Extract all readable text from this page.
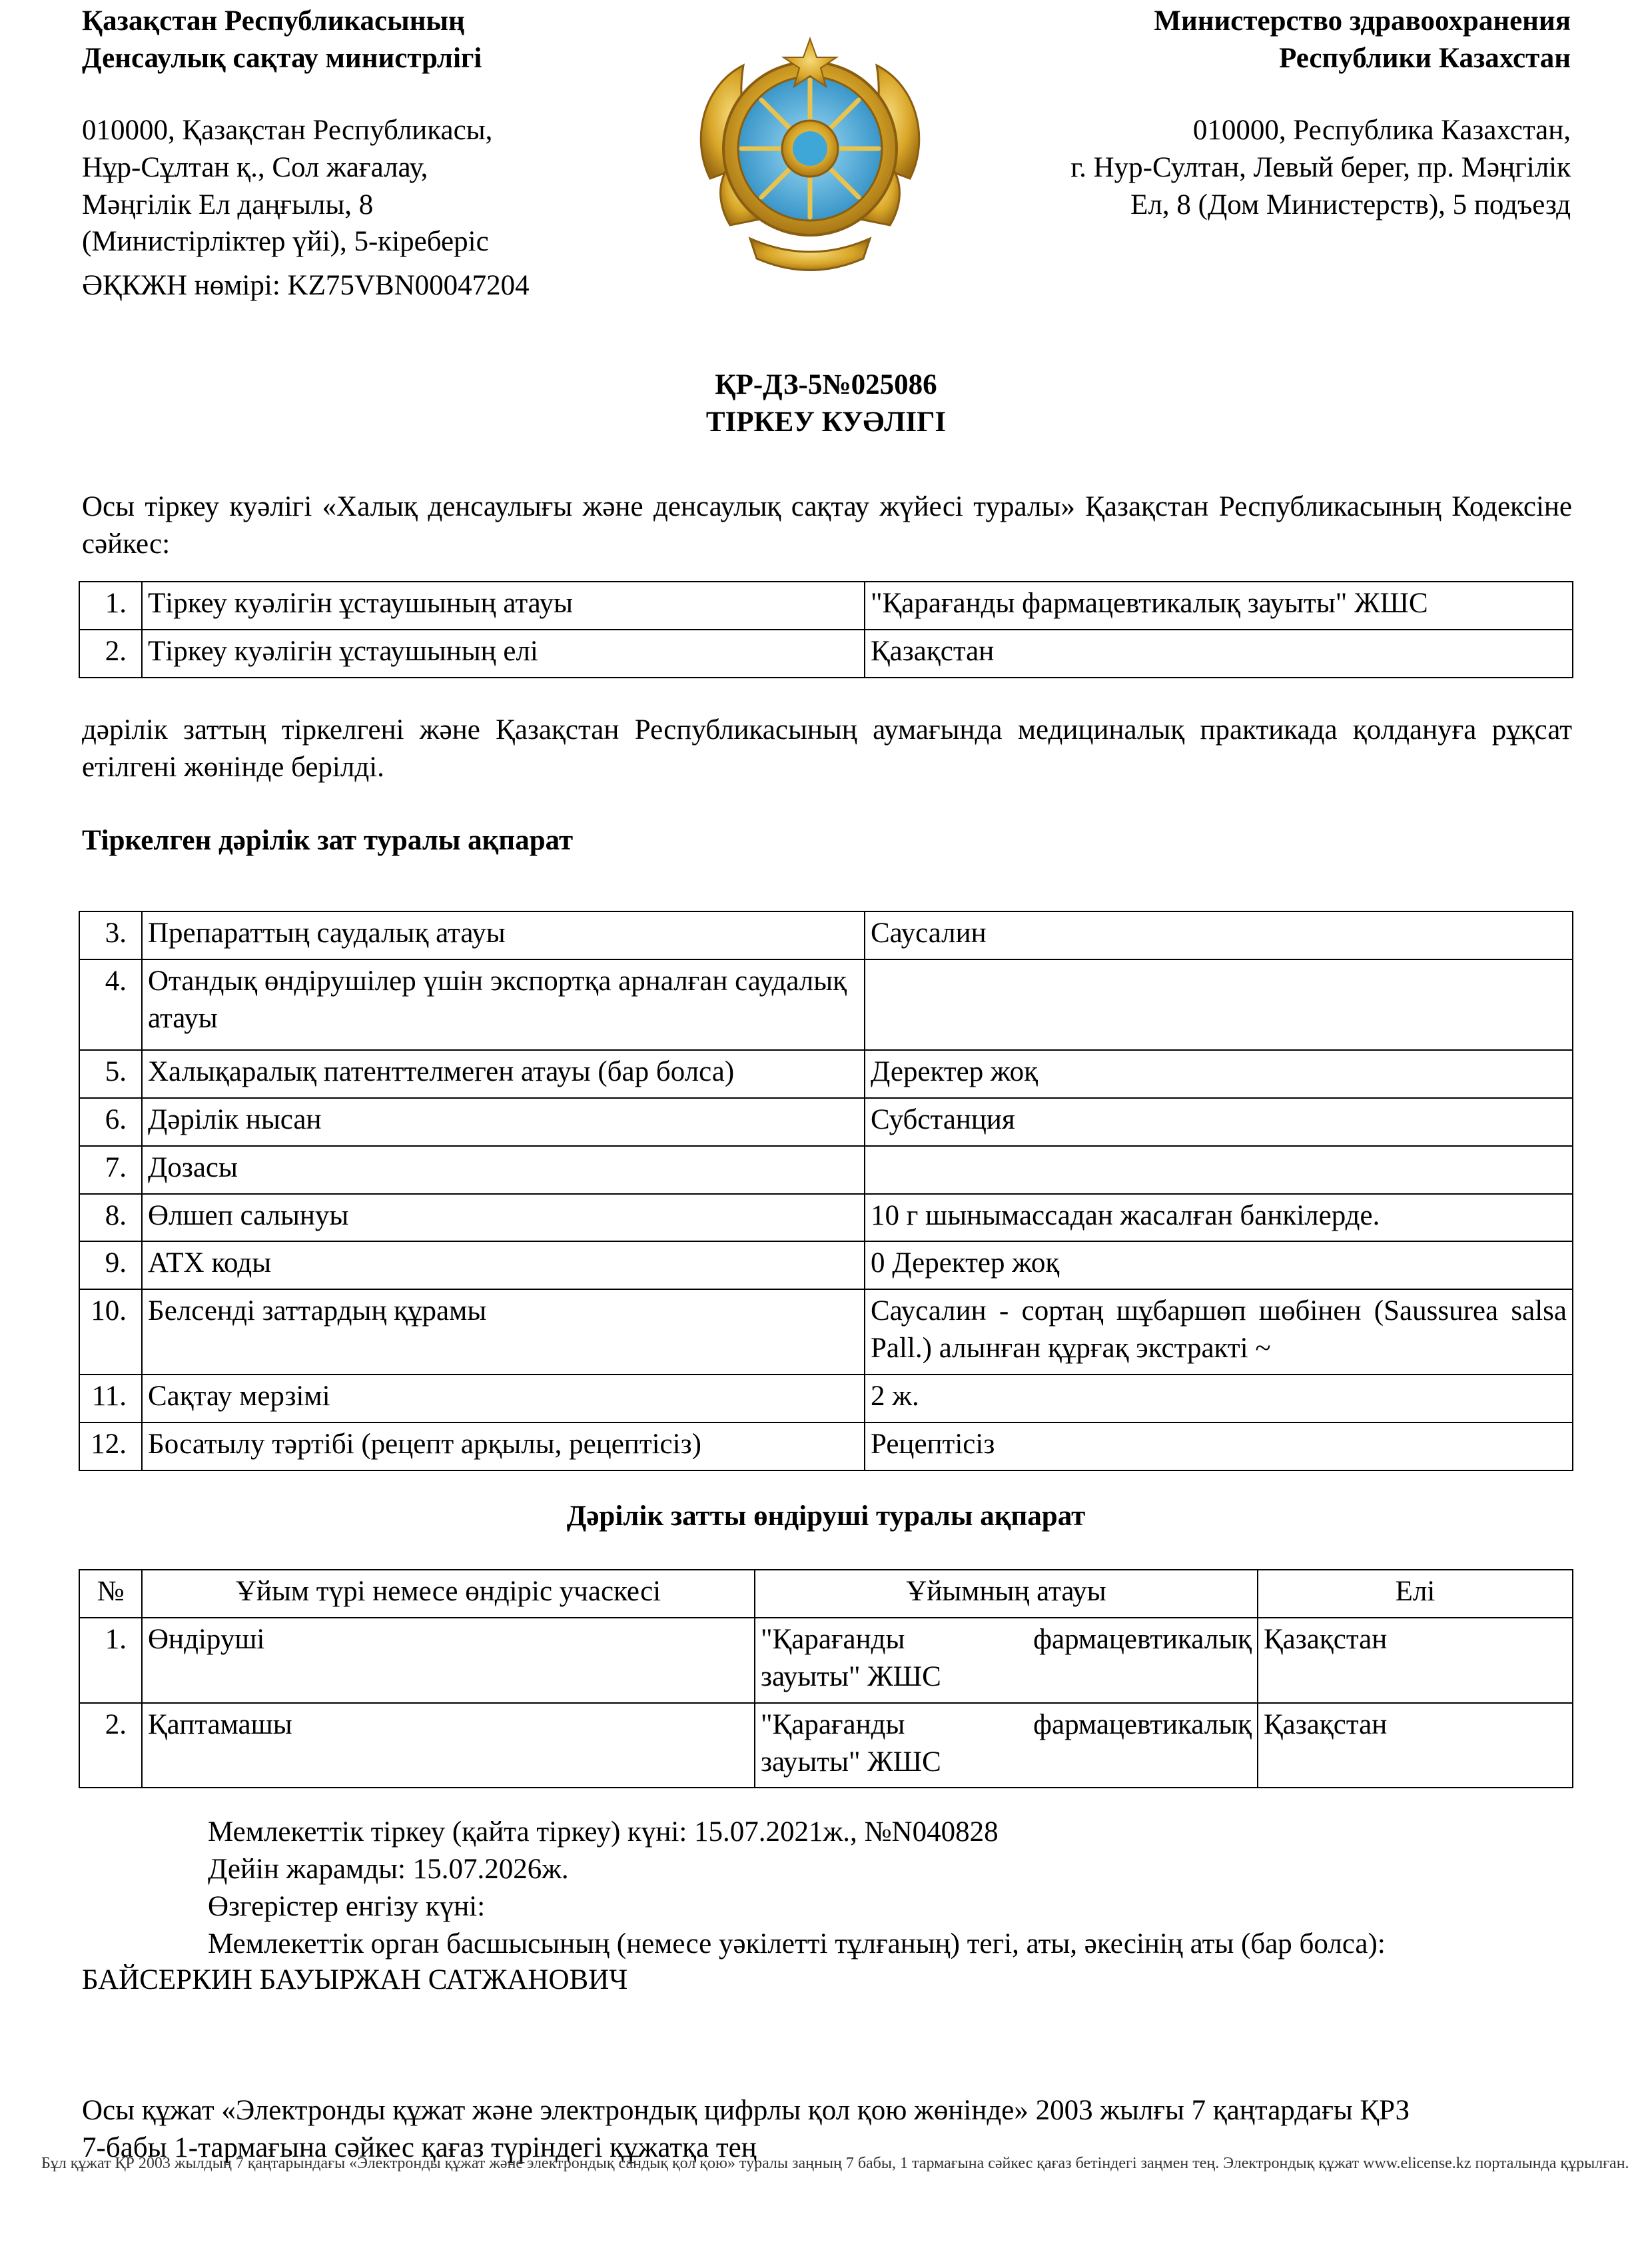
Қазақстан Республикасының
Денсаулық сақтау министрлігі
010000, Қазақстан Республикасы,
Нұр-Сұлтан қ., Сол жағалау,
Мәңгілік Ел даңғылы, 8
(Министірліктер үйі), 5-кіреберіс
ӘҚКЖН нөмірі: KZ75VBN00047204
Министерство здравоохранения
Республики Казахстан
010000, Республика Казахстан,
г. Нур-Султан, Левый берег, пр. Мәңгілік
Ел, 8 (Дом Министерств), 5 подъезд
ҚР-ДЗ-5№025086
ТІРКЕУ КУӘЛІГІ
Осы тіркеу куәлігі «Халық денсаулығы және денсаулық сақтау жүйесі туралы» Қазақстан Республикасының Кодексіне сәйкес:
1.	Тіркеу куәлігін ұстаушының атауы	"Қарағанды фармацевтикалық зауыты" ЖШС
2.	Тіркеу куәлігін ұстаушының елі	Қазақстан
дәрілік заттың тіркелгені және Қазақстан Республикасының аумағында медициналық практикада қолдануға рұқсат етілгені жөнінде берілді.
Тіркелген дәрілік зат туралы ақпарат
3.	Препараттың саудалық атауы	Саусалин
4.	Отандық өндірушілер үшін экспортқа арналған саудалық атауы	
5.	Халықаралық патенттелмеген атауы (бар болса)	Деректер жоқ
6.	Дәрілік нысан	Субстанция
7.	Дозасы	
8.	Өлшеп салынуы	10 г шынымассадан жасалған банкілерде.
9.	АТХ коды	0 Деректер жоқ
10.	Белсенді заттардың құрамы	Саусалин - сортаң шұбаршөп шөбінен (Saussurea salsa Pall.) алынған құрғақ экстракті ~
11.	Сақтау мерзімі	2 ж.
12.	Босатылу тәртібі (рецепт арқылы, рецептісіз)	Рецептісіз
Дәрілік затты өндіруші туралы ақпарат
№	Ұйым түрі немесе өндіріс учаскесі	Ұйымның атауы	Елі
1.	Өндіруші	"Қарағанды фармацевтикалық
зауыты" ЖШС	Қазақстан
2.	Қаптамашы	"Қарағанды фармацевтикалық
зауыты" ЖШС	Қазақстан
Мемлекеттік тіркеу (қайта тіркеу) күні: 15.07.2021ж., №N040828
Дейін жарамды: 15.07.2026ж.
Өзгерістер енгізу күні:
Мемлекеттік орган басшысының (немесе уәкілетті тұлғаның) тегі, аты, әкесінің аты (бар болса):
БАЙСЕРКИН БАУЫРЖАН САТЖАНОВИЧ
Осы құжат «Электронды құжат және электрондық цифрлы қол қою жөнінде» 2003 жылғы 7 қаңтардағы ҚРЗ
7-бабы 1-тармағына сәйкес қағаз түріндегі құжатқа тең
Бұл құжат ҚР 2003 жылдың 7 қаңтарындағы «Электронды құжат және электрондық сандық қол қою» туралы заңның 7 бабы, 1 тармағына сәйкес қағаз бетіндегі заңмен тең. Электрондық құжат www.elicense.kz порталында құрылған.
